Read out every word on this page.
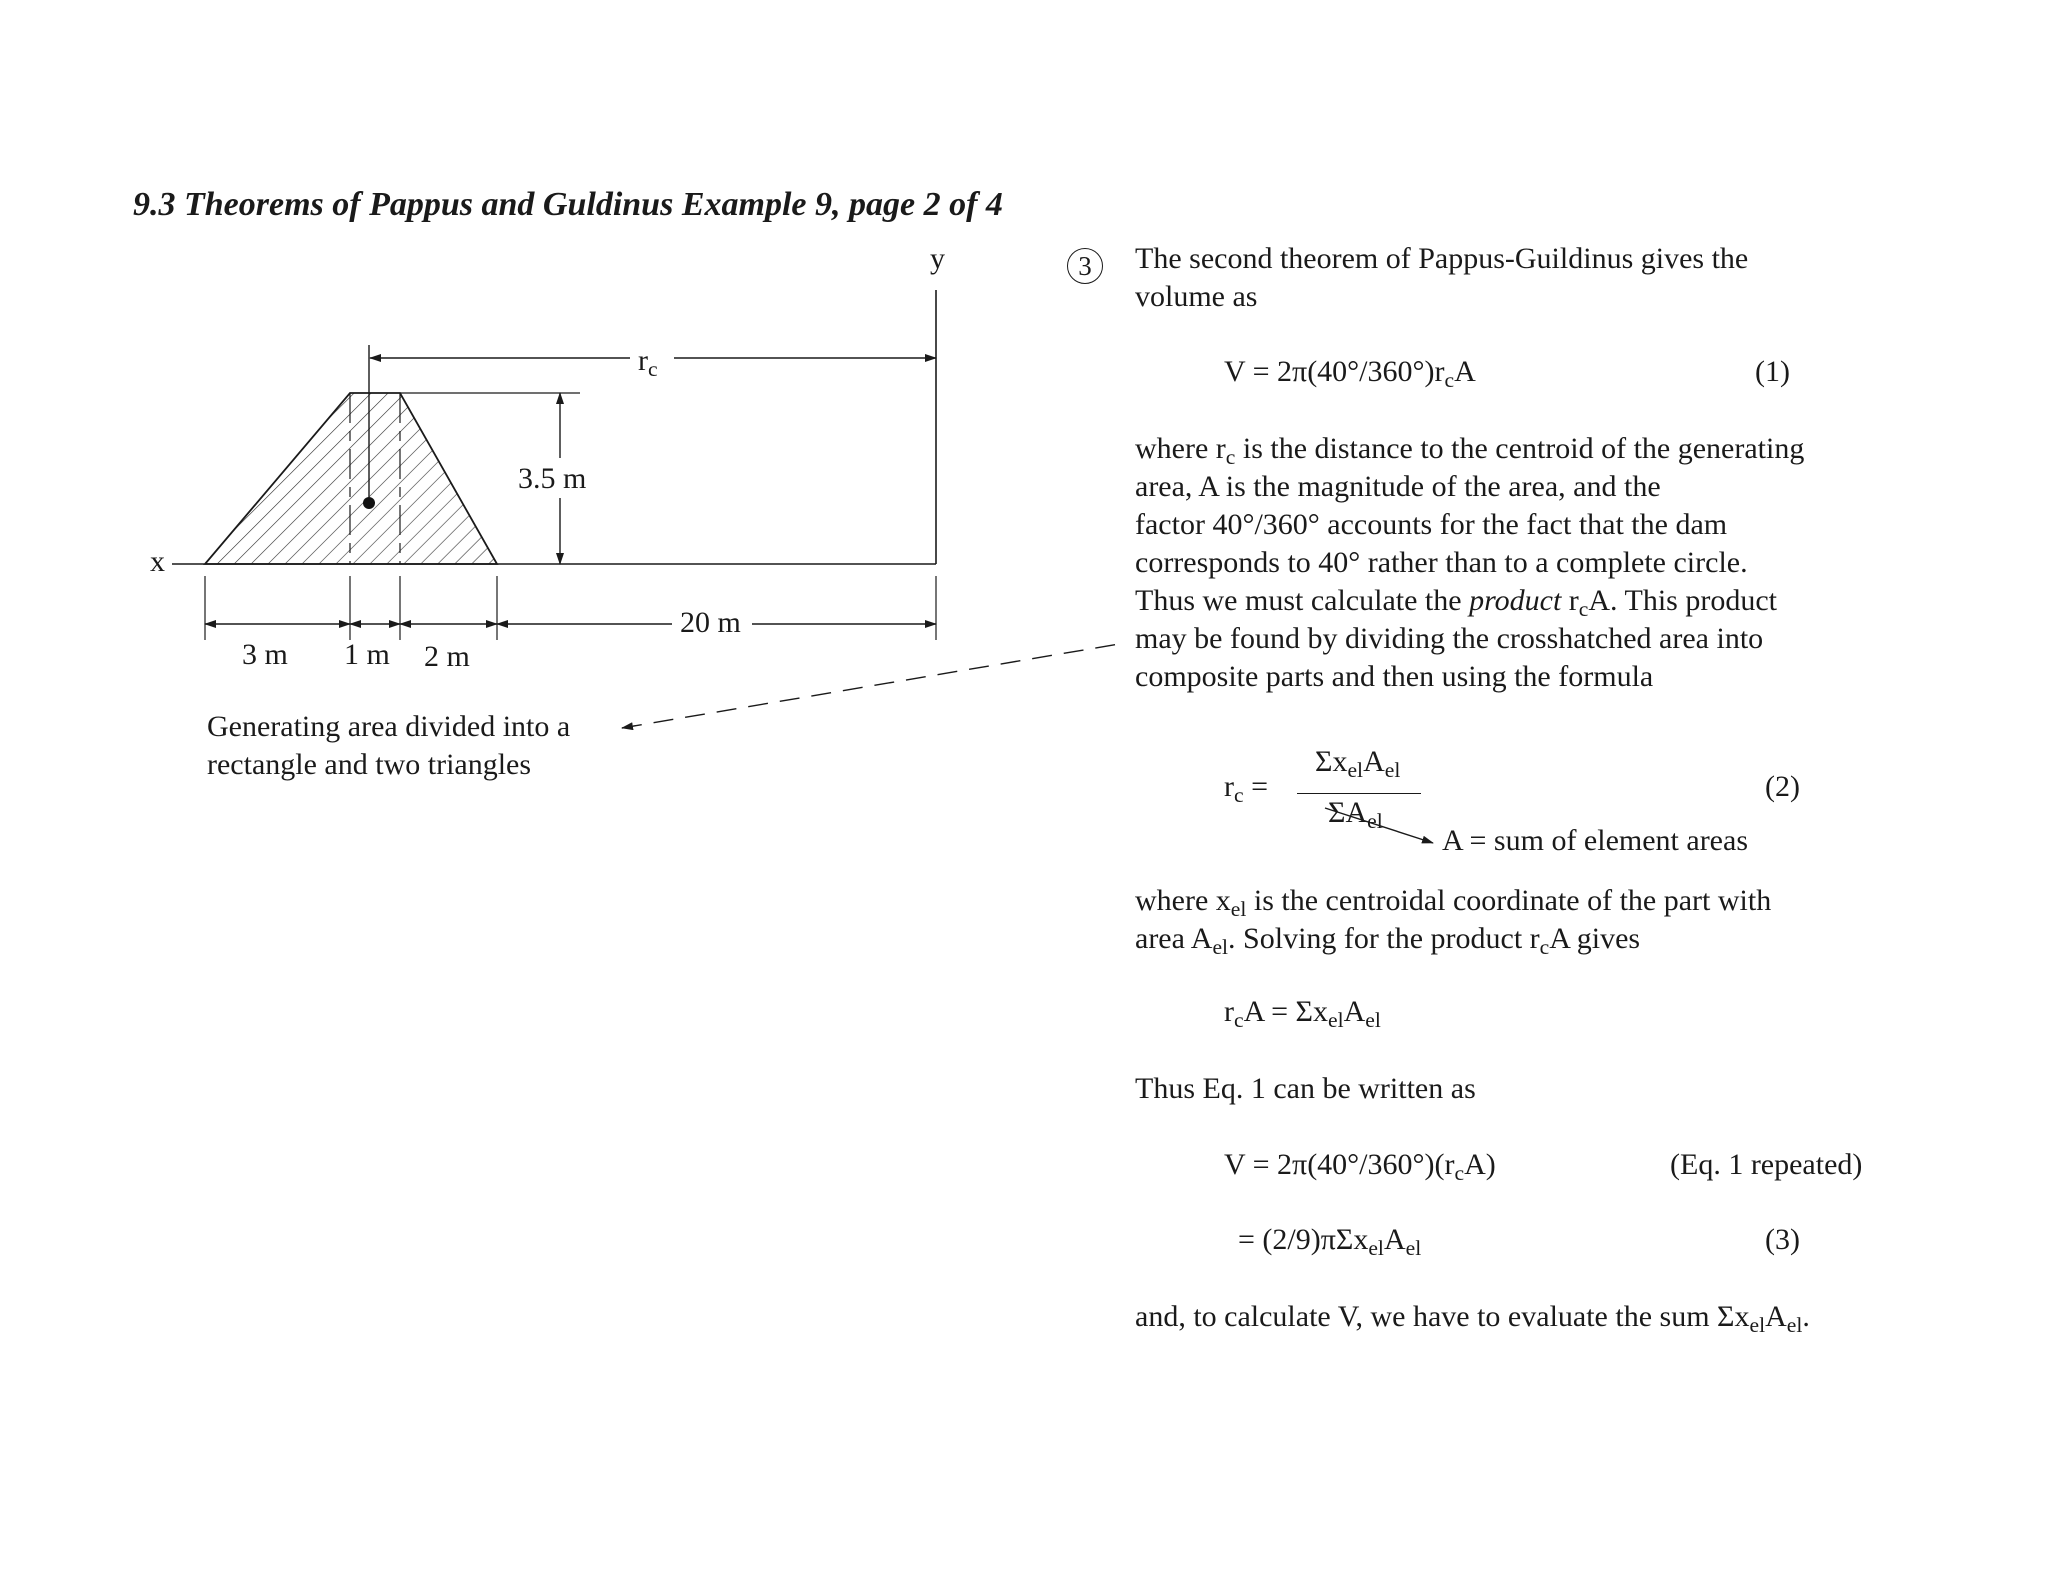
9.3 Theorems of Pappus and Guldinus Example 9, page 2 of 4
x
y
$r_c$
3.5 m
3 m 1 m 2 m
20 m
Generating area divided into a
rectangle and two triangles
3	The second theorem of Pappus-Guildinus gives the
volume as
$V = 2\pi(40^\circ/360^\circ)r_cA$	(1)
where $r_c$ is the distance to the centroid of the generating
area, A is the magnitude of the area, and the
factor 40°/360° accounts for the fact that the dam
corresponds to 40° rather than to a complete circle.
Thus we must calculate the product $r_cA$. This product
may be found by dividing the crosshatched area into
composite parts and then using the formula
$r_c$ =
$\Sigma x_{el}A_{el}$
$\Sigma A_{el}$
(2)
A = sum of element areas
where $x_{el}$ is the centroidal coordinate of the part with
area $A_{el}$. Solving for the product $r_cA$ gives
$r_cA = \Sigma x_{el}A_{el}$
Thus Eq. 1 can be written as
$V = 2\pi(40^\circ/360^\circ)(r_cA)$	(Eq. 1 repeated)
= $(2/9)\pi\Sigma x_{el}A_{el}$	(3)
and, to calculate V, we have to evaluate the sum $\Sigma x_{el}A_{el}$.
